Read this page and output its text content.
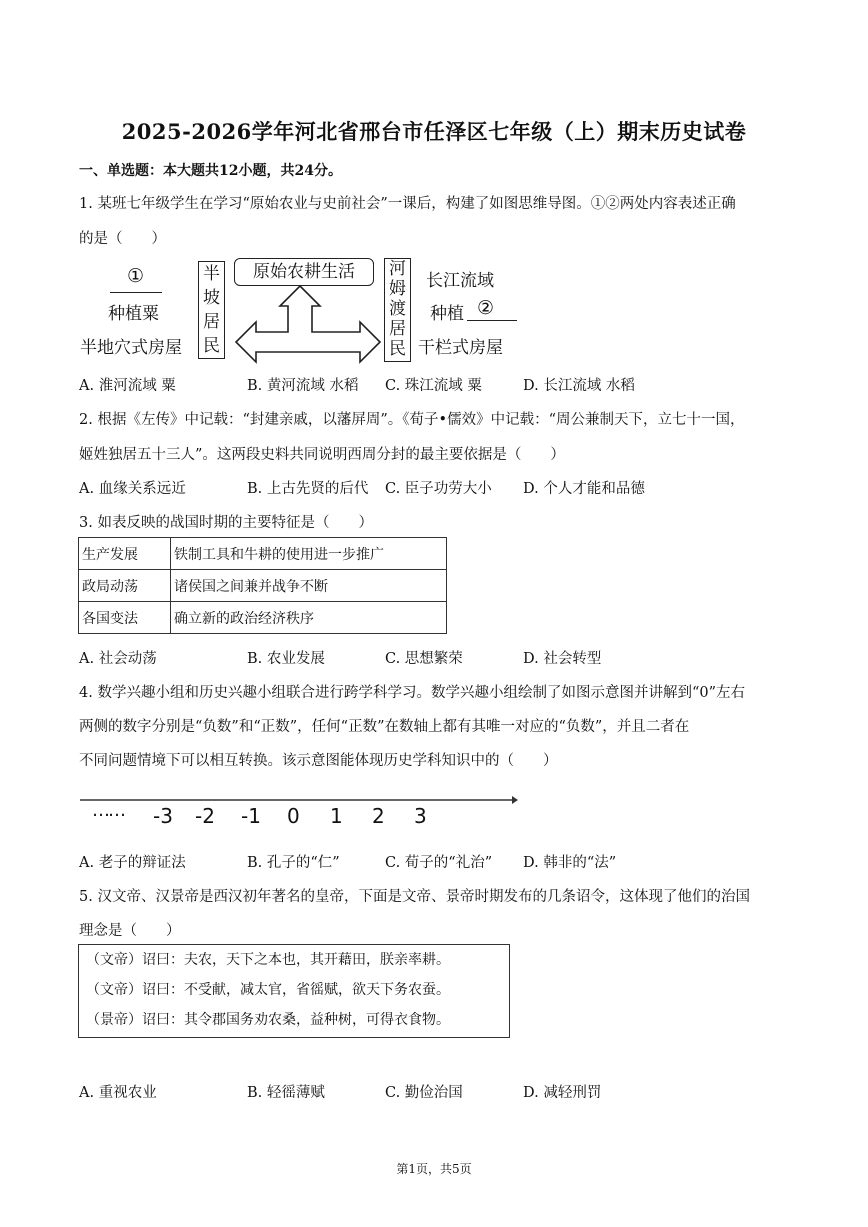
2025-2026学年河北省邢台市任泽区七年级（上）期末历史试卷
一、单选题：本大题共12小题，共24分。
1. 某班七年级学生在学习“原始农业与史前社会”一课后，构建了如图思维导图。①②两处内容表述正确
的是（　　）
①
种植粟
半地穴式房屋
半
坡
居
民
原始农耕生活	河
姆
渡
居
民
长江流域
种植 ②
干栏式房屋
A. 淮河流域 粟	B. 黄河流域 水稻 C. 珠江流域 粟	D. 长江流域 水稻
2. 根据《左传》中记载：“封建亲戚，以藩屏周”。《荀子•儒效》中记载：“周公兼制天下，立七十一国，
姬姓独居五十三人”。这两段史料共同说明西周分封的最主要依据是（　　）
A. 血缘关系远近	B. 上古先贤的后代 C. 臣子功劳大小 D. 个人才能和品德
3. 如表反映的战国时期的主要特征是（　　）
生产发展	铁制工具和牛耕的使用进一步推广
政局动荡	诸侯国之间兼并战争不断
各国变法	确立新的政治经济秩序
A. 社会动荡	B. 农业发展	C. 思想繁荣	D. 社会转型
4. 数学兴趣小组和历史兴趣小组联合进行跨学科学习。数学兴趣小组绘制了如图示意图并讲解到“0”左右
两侧的数字分别是“负数”和“正数”，任何“正数”在数轴上都有其唯一对应的“负数”，并且二者在
不同问题情境下可以相互转换。该示意图能体现历史学科知识中的（　　）
…… -3 -2 -1 0 1 2 3
A. 老子的辩证法	B. 孔子的“仁”	C. 荀子的“礼治” D. 韩非的“法”
5. 汉文帝、汉景帝是西汉初年著名的皇帝，下面是文帝、景帝时期发布的几条诏令，这体现了他们的治国
理念是（　　）
（文帝）诏曰：夫农，天下之本也，其开藉田，朕亲率耕。
（文帝）诏曰：不受献，减太官，省徭赋，欲天下务农蚕。
（景帝）诏曰：其令郡国务劝农桑，益种树，可得衣食物。
A. 重视农业	B. 轻徭薄赋	C. 勤俭治国	D. 减轻刑罚
第1页，共5页
